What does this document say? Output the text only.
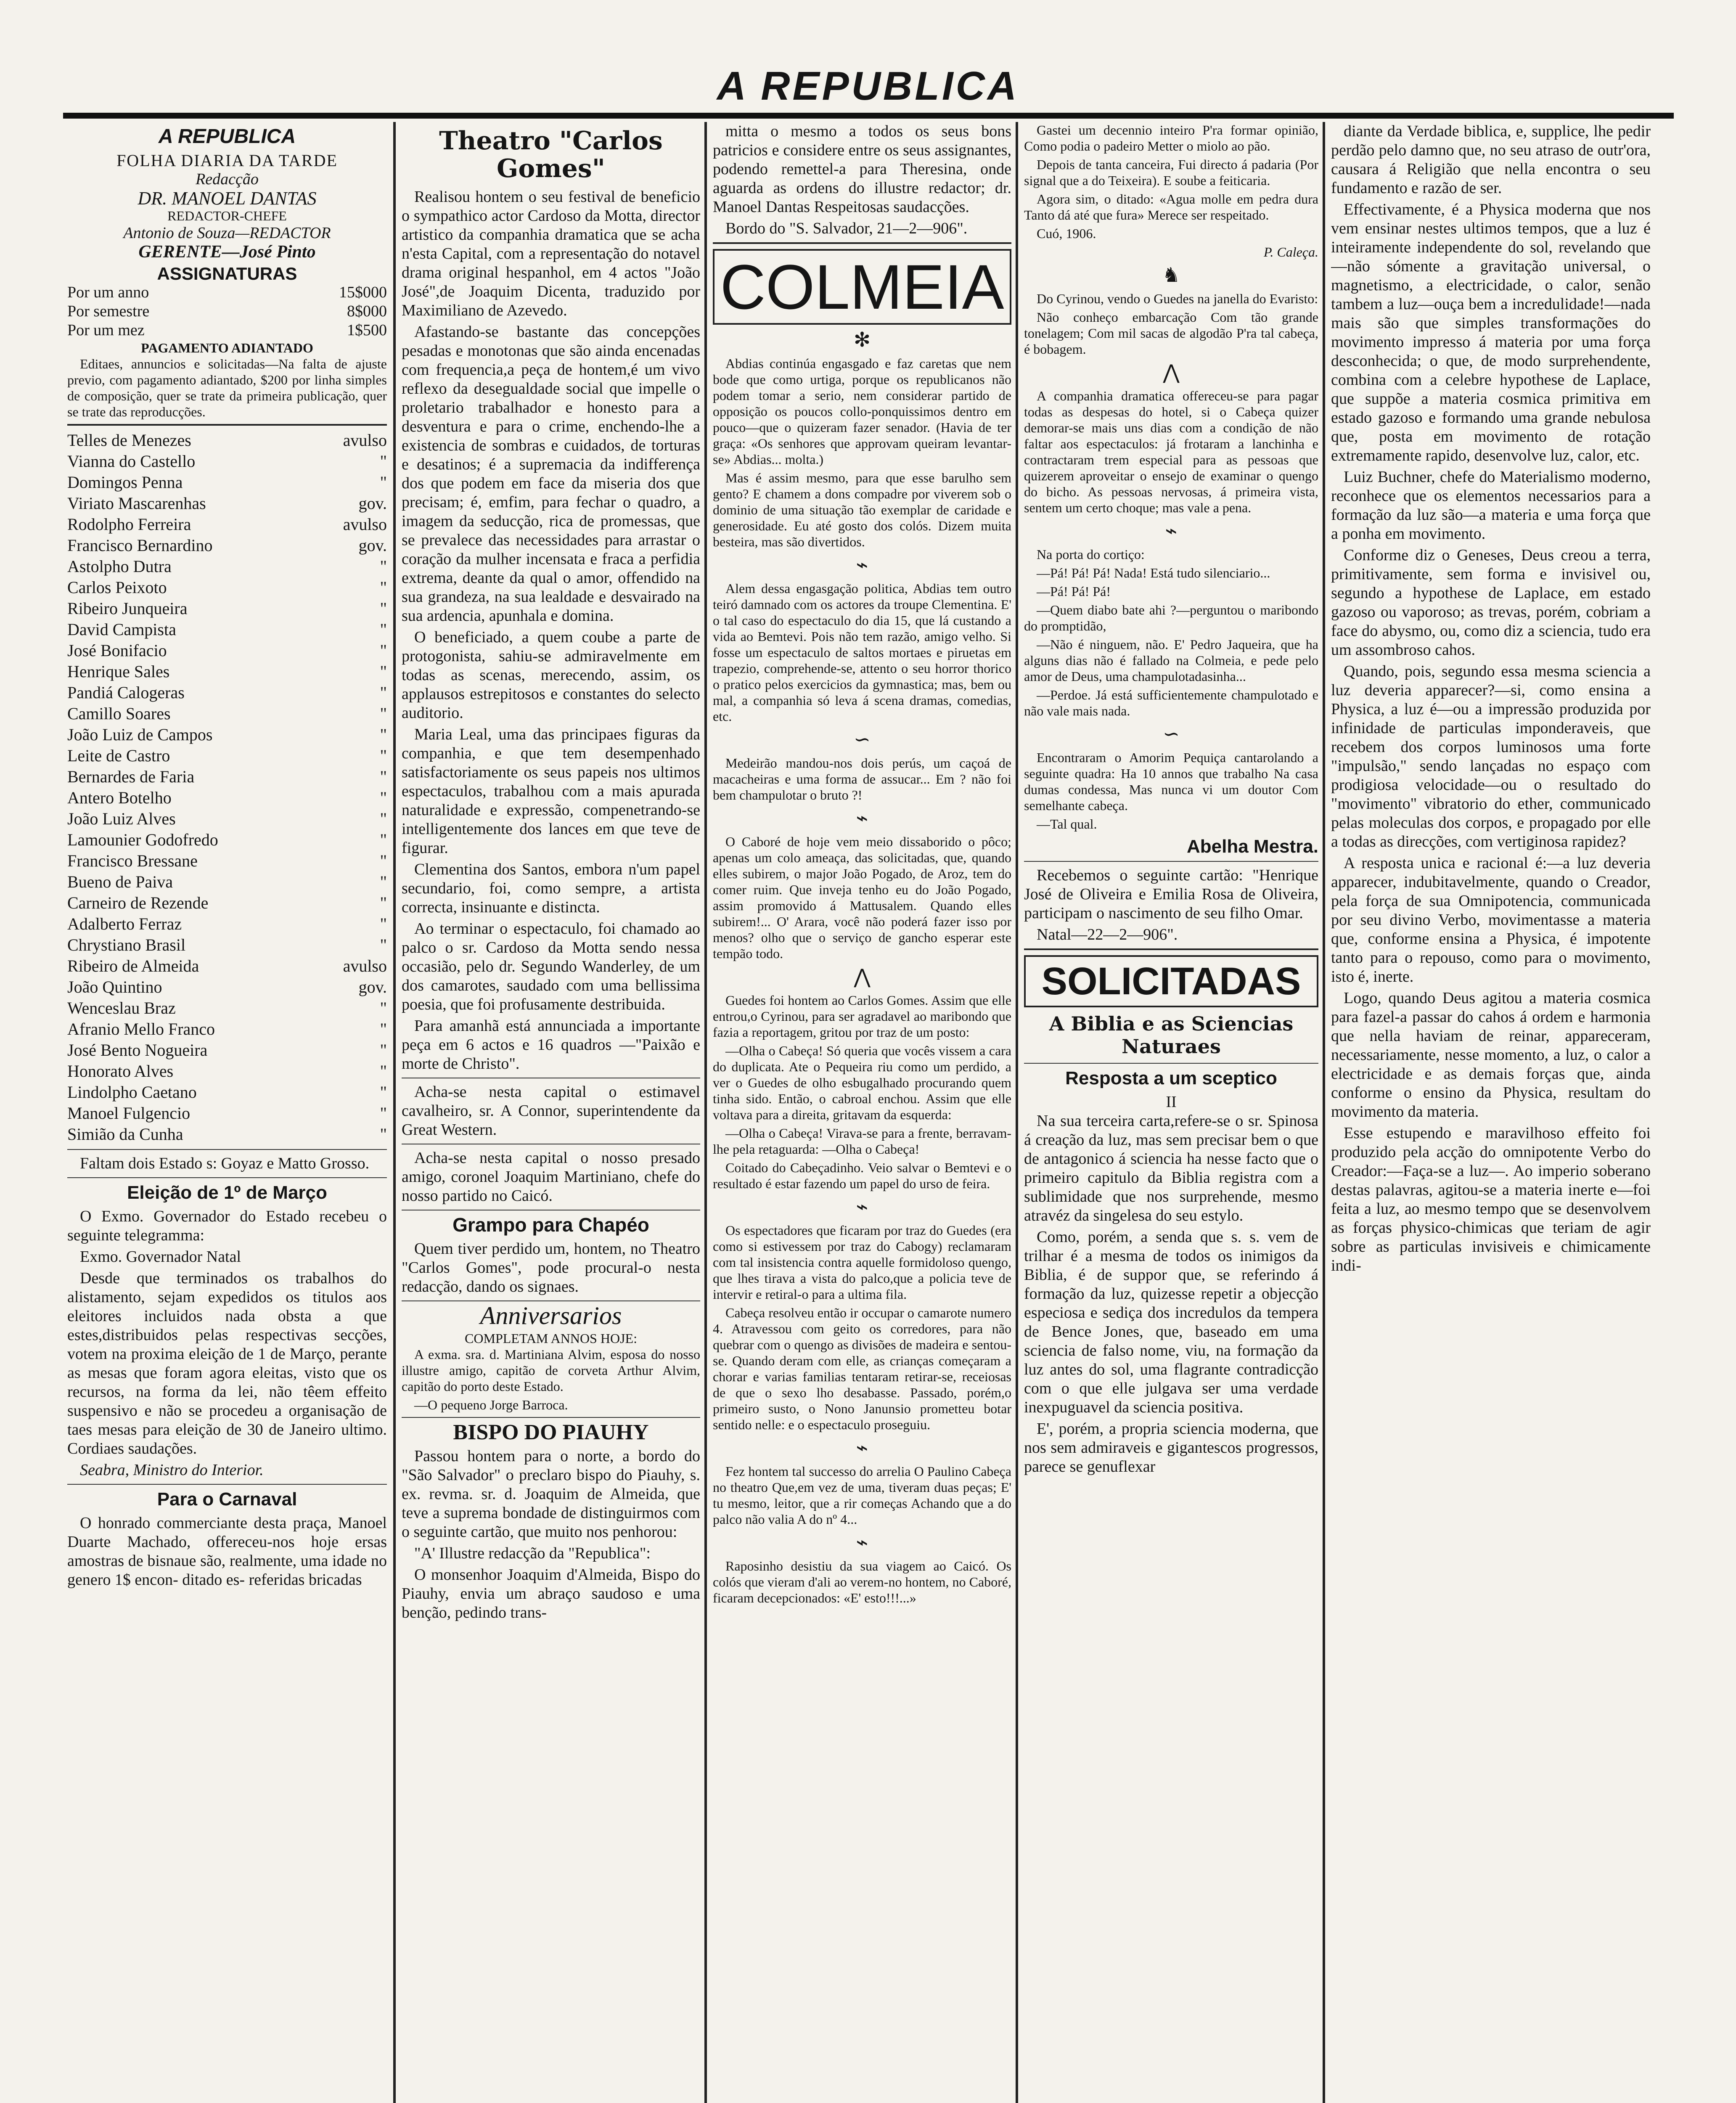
A REPUBLICA
A REPUBLICA
FOLHA DIARIA DA TARDE
Redacção
DR. MANOEL DANTAS
REDACTOR-CHEFE
Antonio de Souza—REDACTOR
GERENTE—José Pinto
ASSIGNATURAS
Por um anno	15$000
Por semestre	8$000
Por um mez	1$500
PAGAMENTO ADIANTADO

Editaes, annuncios e solicitadas—Na falta de ajuste previo, com pagamento adiantado, $200 por linha simples de composição, quer se trate da primeira publicação, quer se trate das reproducções.

Telles de Menezes	avulso
Vianna do Castello	"
Domingos Penna	"
Viriato Mascarenhas	gov.
Rodolpho Ferreira	avulso
Francisco Bernardino	gov.
Astolpho Dutra	"
Carlos Peixoto	"
Ribeiro Junqueira	"
David Campista	"
José Bonifacio	"
Henrique Sales	"
Pandiá Calogeras	"
Camillo Soares	"
João Luiz de Campos	"
Leite de Castro	"
Bernardes de Faria	"
Antero Botelho	"
João Luiz Alves	"
Lamounier Godofredo	"
Francisco Bressane	"
Bueno de Paiva	"
Carneiro de Rezende	"
Adalberto Ferraz	"
Chrystiano Brasil	"
Ribeiro de Almeida	avulso
João Quintino	gov.
Wenceslau Braz	"
Afranio Mello Franco	"
José Bento Nogueira	"
Honorato Alves	"
Lindolpho Caetano	"
Manoel Fulgencio	"
Simião da Cunha	"

Faltam dois Estado s: Goyaz e Matto Grosso.

Eleição de 1º de Março

O Exmo. Governador do Estado recebeu o seguinte telegramma:

Exmo. Governador Natal

Desde que terminados os trabalhos do alistamento, sejam expedidos os titulos aos eleitores incluidos nada obsta a que estes,distribuidos pelas respectivas secções, votem na proxima eleição de 1 de Março, perante as mesas que foram agora eleitas, visto que os recursos, na forma da lei, não têem effeito suspensivo e não se procedeu a organisação de taes mesas para eleição de 30 de Janeiro ultimo. Cordiaes saudações.

Seabra, Ministro do Interior.

Para o Carnaval

O honrado commerciante desta praça, Manoel Duarte Machado, offereceu-nos hoje ersas amostras de bisnaue são, realmente, uma idade no genero 1$ encon- ditado es- referidas bricadas

Theatro "Carlos Gomes"

Realisou hontem o seu festival de beneficio o sympathico actor Cardoso da Motta, director artistico da companhia dramatica que se acha n'esta Capital, com a representação do notavel drama original hespanhol, em 4 actos "João José",de Joaquim Dicenta, traduzido por Maximiliano de Azevedo.

Afastando-se bastante das concepções pesadas e monotonas que são ainda encenadas com frequencia,a peça de hontem,é um vivo reflexo da desegualdade social que impelle o proletario trabalhador e honesto para a desventura e para o crime, enchendo-lhe a existencia de sombras e cuidados, de torturas e desatinos; é a supremacia da indifferença dos que podem em face da miseria dos que precisam; é, emfim, para fechar o quadro, a imagem da seducção, rica de promessas, que se prevalece das necessidades para arrastar o coração da mulher incensata e fraca a perfidia extrema, deante da qual o amor, offendido na sua grandeza, na sua lealdade e desvairado na sua ardencia, apunhala e domina.

O beneficiado, a quem coube a parte de protogonista, sahiu-se admiravelmente em todas as scenas, merecendo, assim, os applausos estrepitosos e constantes do selecto auditorio.

Maria Leal, uma das principaes figuras da companhia, e que tem desempenhado satisfactoriamente os seus papeis nos ultimos espectaculos, trabalhou com a mais apurada naturalidade e expressão, compenetrando-se intelligentemente dos lances em que teve de figurar.

Clementina dos Santos, embora n'um papel secundario, foi, como sempre, a artista correcta, insinuante e distincta.

Ao terminar o espectaculo, foi chamado ao palco o sr. Cardoso da Motta sendo nessa occasião, pelo dr. Segundo Wanderley, de um dos camarotes, saudado com uma bellissima poesia, que foi profusamente destribuida.

Para amanhã está annunciada a importante peça em 6 actos e 16 quadros —"Paixão e morte de Christo".

Acha-se nesta capital o estimavel cavalheiro, sr. A Connor, superintendente da Great Western.

Acha-se nesta capital o nosso presado amigo, coronel Joaquim Martiniano, chefe do nosso partido no Caicó.

Grampo para Chapéo

Quem tiver perdido um, hontem, no Theatro "Carlos Gomes", pode procural-o nesta redacção, dando os signaes.

Anniversarios
COMPLETAM ANNOS HOJE:

A exma. sra. d. Martiniana Alvim, esposa do nosso illustre amigo, capitão de corveta Arthur Alvim, capitão do porto deste Estado.

—O pequeno Jorge Barroca.

BISPO DO PIAUHY

Passou hontem para o norte, a bordo do "São Salvador" o preclaro bispo do Piauhy, s. ex. revma. sr. d. Joaquim de Almeida, que teve a suprema bondade de distinguirmos com o seguinte cartão, que muito nos penhorou:

"A' Illustre redacção da "Republica":

O monsenhor Joaquim d'Almeida, Bispo do Piauhy, envia um abraço saudoso e uma benção, pedindo trans-

mitta o mesmo a todos os seus bons patricios e considere entre os seus assignantes, podendo remettel-a para Theresina, onde aguarda as ordens do illustre redactor; dr. Manoel Dantas Respeitosas saudacções.

Bordo do "S. Salvador, 21—2—906".

COLMEIA
✻

Abdias continúa engasgado e faz caretas que nem bode que como urtiga, porque os republicanos não podem tomar a serio, nem considerar partido de opposição os poucos collo-ponquissimos dentro em pouco—que o quizeram fazer senador. (Havia de ter graça: «Os senhores que approvam queiram levantar-se» Abdias... molta.)

Mas é assim mesmo, para que esse barulho sem gento? E chamem a dons compadre por viverem sob o dominio de uma situação tão exemplar de caridade e generosidade. Eu até gosto dos colós. Dizem muita besteira, mas são divertidos.

⌁

Alem dessa engasgação politica, Abdias tem outro teiró damnado com os actores da troupe Clementina. E' o tal caso do espectaculo do dia 15, que lá custando a vida ao Bemtevi. Pois não tem razão, amigo velho. Si fosse um espectaculo de saltos mortaes e piruetas em trapezio, comprehende-se, attento o seu horror thorico o pratico pelos exercicios da gymnastica; mas, bem ou mal, a companhia só leva á scena dramas, comedias, etc.

∽

Medeirão mandou-nos dois perús, um caçoá de macacheiras e uma forma de assucar... Em ? não foi bem champulotar o bruto ?!

⌁

O Caboré de hoje vem meio dissaborido o pôco; apenas um colo ameaça, das solicitadas, que, quando elles subirem, o major João Pogado, de Aroz, tem do comer ruim. Que inveja tenho eu do João Pogado, assim promovido á Mattusalem. Quando elles subirem!... O' Arara, você não poderá fazer isso por menos? olho que o serviço de gancho esperar este tempão todo.

⋀

Guedes foi hontem ao Carlos Gomes. Assim que elle entrou,o Cyrinou, para ser agradavel ao maribondo que fazia a reportagem, gritou por traz de um posto:

—Olha o Cabeça! Só queria que vocês vissem a cara do duplicata. Ate o Pequeira riu como um perdido, a ver o Guedes de olho esbugalhado procurando quem tinha sido. Então, o cabroal enchou. Assim que elle voltava para a direita, gritavam da esquerda:

—Olha o Cabeça! Virava-se para a frente, berravam-lhe pela retaguarda: —Olha o Cabeça!

Coitado do Cabeçadinho. Veio salvar o Bemtevi e o resultado é estar fazendo um papel do urso de feira.

⌁

Os espectadores que ficaram por traz do Guedes (era como si estivessem por traz do Cabogy) reclamaram com tal insistencia contra aquelle formidoloso quengo, que lhes tirava a vista do palco,que a policia teve de intervir e retiral-o para a ultima fila.

Cabeça resolveu então ir occupar o camarote numero 4. Atravessou com geito os corredores, para não quebrar com o quengo as divisões de madeira e sentou-se. Quando deram com elle, as crianças começaram a chorar e varias familias tentaram retirar-se, receiosas de que o sexo lho desabasse. Passado, porém,o primeiro susto, o Nono Janunsio prometteu botar sentido nelle: e o espectaculo proseguiu.

⌁

Fez hontem tal successo do arrelia O Paulino Cabeça no theatro Que,em vez de uma, tiveram duas peças; E' tu mesmo, leitor, que a rir começas Achando que a do palco não valia A do nº 4...

⌁

Raposinho desistiu da sua viagem ao Caicó. Os colós que vieram d'ali ao verem-no hontem, no Caboré, ficaram decepcionados: «E' esto!!!...»

Gastei um decennio inteiro P'ra formar opinião, Como podia o padeiro Metter o miolo ao pão.

Depois de tanta canceira, Fui directo á padaria (Por signal que a do Teixeira). E soube a feiticaria.

Agora sim, o ditado: «Agua molle em pedra dura Tanto dá até que fura» Merece ser respeitado.

Cuó, 1906.

P. Caleça.

♞

Do Cyrinou, vendo o Guedes na janella do Evaristo:

Não conheço embarcação Com tão grande tonelagem; Com mil sacas de algodão P'ra tal cabeça, é bobagem.

⋀

A companhia dramatica offereceu-se para pagar todas as despesas do hotel, si o Cabeça quizer demorar-se mais uns dias com a condição de não faltar aos espectaculos: já frotaram a lanchinha e contractaram trem especial para as pessoas que quizerem aproveitar o ensejo de examinar o quengo do bicho. As pessoas nervosas, á primeira vista, sentem um certo choque; mas vale a pena.

⌁

Na porta do cortiço:

—Pá! Pá! Pá! Nada! Está tudo silenciario...

—Pá! Pá! Pá!

—Quem diabo bate ahi ?—perguntou o maribondo do promptidão,

—Não é ninguem, não. E' Pedro Jaqueira, que ha alguns dias não é fallado na Colmeia, e pede pelo amor de Deus, uma champulotadasinha...

—Perdoe. Já está sufficientemente champulotado e não vale mais nada.

∽

Encontraram o Amorim Pequiça cantarolando a seguinte quadra: Ha 10 annos que trabalho Na casa dumas condessa, Mas nunca vi um doutor Com semelhante cabeça.

—Tal qual.

Abelha Mestra.

Recebemos o seguinte cartão: "Henrique José de Oliveira e Emilia Rosa de Oliveira, participam o nascimento de seu filho Omar.

Natal—22—2—906".

SOLICITADAS
A Biblia e as Sciencias Naturaes
Resposta a um sceptico
II

Na sua terceira carta,refere-se o sr. Spinosa á creação da luz, mas sem precisar bem o que de antagonico á sciencia ha nesse facto que o primeiro capitulo da Biblia registra com a sublimidade que nos surprehende, mesmo atravéz da singelesa do seu estylo.

Como, porém, a senda que s. s. vem de trilhar é a mesma de todos os inimigos da Biblia, é de suppor que, se referindo á formação da luz, quizesse repetir a objecção especiosa e sediça dos incredulos da tempera de Bence Jones, que, baseado em uma sciencia de falso nome, viu, na formação da luz antes do sol, uma flagrante contradicção com o que elle julgava ser uma verdade inexpuguavel da sciencia positiva.

E', porém, a propria sciencia moderna, que nos sem admiraveis e gigantescos progressos, parece se genuflexar

diante da Verdade biblica, e, supplice, lhe pedir perdão pelo damno que, no seu atraso de outr'ora, causara á Religião que nella encontra o seu fundamento e razão de ser.

Effectivamente, é a Physica moderna que nos vem ensinar nestes ultimos tempos, que a luz é inteiramente independente do sol, revelando que—não sómente a gravitação universal, o magnetismo, a electricidade, o calor, senão tambem a luz—ouça bem a incredulidade!—nada mais são que simples transformações do movimento impresso á materia por uma força desconhecida; o que, de modo surprehendente, combina com a celebre hypothese de Laplace, que suppõe a materia cosmica primitiva em estado gazoso e formando uma grande nebulosa que, posta em movimento de rotação extremamente rapido, desenvolve luz, calor, etc.

Luiz Buchner, chefe do Materialismo moderno, reconhece que os elementos necessarios para a formação da luz são—a materia e uma força que a ponha em movimento.

Conforme diz o Geneses, Deus creou a terra, primitivamente, sem forma e invisivel ou, segundo a hypothese de Laplace, em estado gazoso ou vaporoso; as trevas, porém, cobriam a face do abysmo, ou, como diz a sciencia, tudo era um assombroso cahos.

Quando, pois, segundo essa mesma sciencia a luz deveria apparecer?—si, como ensina a Physica, a luz é—ou a impressão produzida por infinidade de particulas imponderaveis, que recebem dos corpos luminosos uma forte "impulsão," sendo lançadas no espaço com prodigiosa velocidade—ou o resultado do "movimento" vibratorio do ether, communicado pelas moleculas dos corpos, e propagado por elle a todas as direcções, com vertiginosa rapidez?

A resposta unica e racional é:—a luz deveria apparecer, indubitavelmente, quando o Creador, pela força de sua Omnipotencia, communicada por seu divino Verbo, movimentasse a materia que, conforme ensina a Physica, é impotente tanto para o repouso, como para o movimento, isto é, inerte.

Logo, quando Deus agitou a materia cosmica para fazel-a passar do cahos á ordem e harmonia que nella haviam de reinar, appareceram, necessariamente, nesse momento, a luz, o calor a electricidade e as demais forças que, ainda conforme o ensino da Physica, resultam do movimento da materia.

Esse estupendo e maravilhoso effeito foi produzido pela acção do omnipotente Verbo do Creador:—Faça-se a luz—. Ao imperio soberano destas palavras, agitou-se a materia inerte e—foi feita a luz, ao mesmo tempo que se desenvolvem as forças physico-chimicas que teriam de agir sobre as particulas invisiveis e chimicamente indi-
